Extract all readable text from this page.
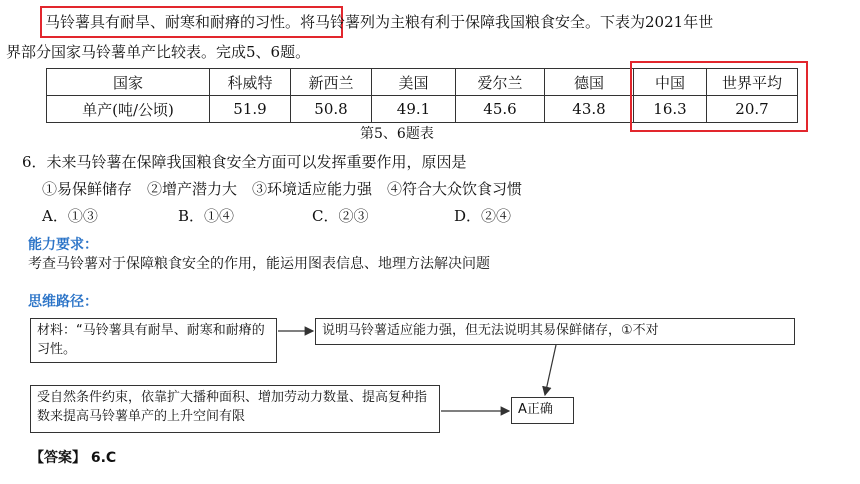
马铃薯具有耐旱、耐寒和耐瘠的习性。将马铃薯列为主粮有利于保障我国粮食安全。下表为2021年世
界部分国家马铃薯单产比较表。完成5、6题。
国家	科威特	新西兰	美国	爱尔兰	德国	中国	世界平均
单产(吨/公顷)	51.9	50.8	49.1	45.6	43.8	16.3	20.7
第5、6题表
6．未来马铃薯在保障我国粮食安全方面可以发挥重要作用，原因是
①易保鲜储存　②增产潜力大　③环境适应能力强　④符合大众饮食习惯
A．①③	B．①④	C．②③	D．②④
能力要求：
考查马铃薯对于保障粮食安全的作用，能运用图表信息、地理方法解决问题
思维路径：
材料：“马铃薯具有耐旱、耐寒和耐瘠的习性。
说明马铃薯适应能力强，但无法说明其易保鲜储存，①不对
受自然条件约束，依靠扩大播种面积、增加劳动力数量、提高复种指数来提高马铃薯单产的上升空间有限	A正确
【答案】 6.C
